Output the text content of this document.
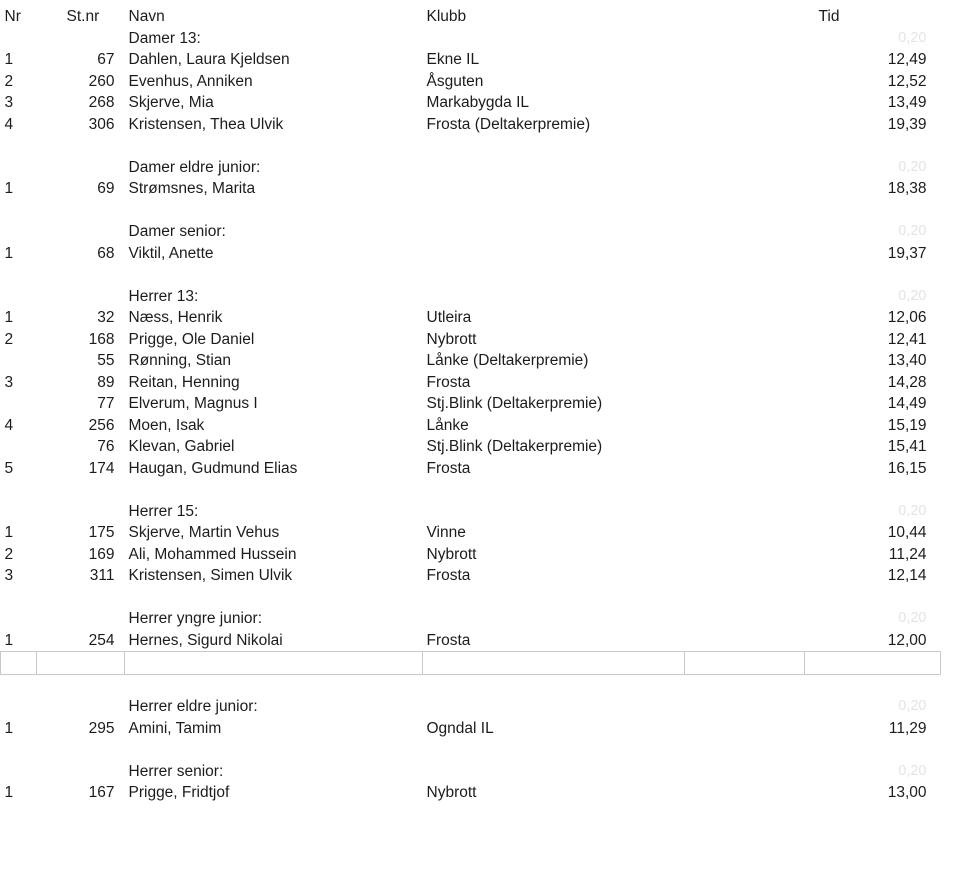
Nr	St.nr	Navn	Klubb		Tid
		Damer 13:			0,20
1	67	Dahlen, Laura Kjeldsen	Ekne IL		12,49
2	260	Evenhus, Anniken	Åsguten		12,52
3	268	Skjerve, Mia	Markabygda IL		13,49
4	306	Kristensen, Thea Ulvik	Frosta (Deltakerpremie)		19,39

		Damer eldre junior:			0,20
1	69	Strømsnes, Marita			18,38

		Damer senior:			0,20
1	68	Viktil, Anette			19,37

		Herrer 13:			0,20
1	32	Næss, Henrik	Utleira		12,06
2	168	Prigge, Ole Daniel	Nybrott		12,41
	55	Rønning, Stian	Lånke (Deltakerpremie)		13,40
3	89	Reitan, Henning	Frosta		14,28
	77	Elverum, Magnus I	Stj.Blink (Deltakerpremie)		14,49
4	256	Moen, Isak	Lånke		15,19
	76	Klevan, Gabriel	Stj.Blink (Deltakerpremie)		15,41
5	174	Haugan, Gudmund Elias	Frosta		16,15

		Herrer 15:			0,20
1	175	Skjerve, Martin Vehus	Vinne		10,44
2	169	Ali, Mohammed Hussein	Nybrott		11,24
3	311	Kristensen, Simen Ulvik	Frosta		12,14

		Herrer yngre junior:			0,20
1	254	Hernes, Sigurd Nikolai	Frosta		12,00

		Herrer eldre junior:			0,20
1	295	Amini, Tamim	Ogndal IL		11,29

		Herrer senior:			0,20
1	167	Prigge, Fridtjof	Nybrott		13,00
